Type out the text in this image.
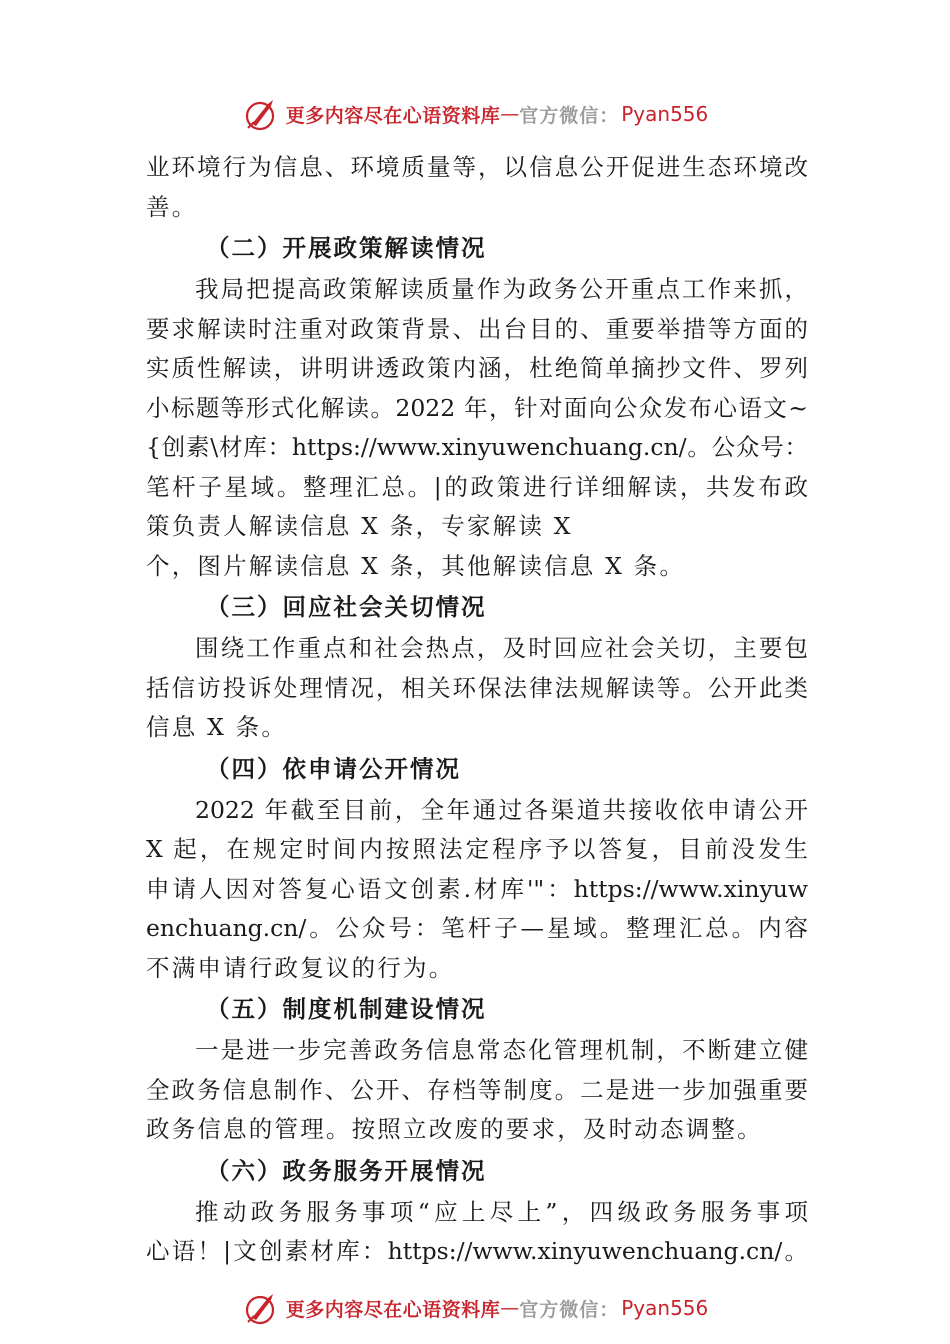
更多内容尽在心语资料库 — 官方微信： Pyan556
业环境行为信息、环境质量等，以信息公开促进生态环境改
善。
（二）开展政策解读情况
我局把提高政策解读质量作为政务公开重点工作来抓，
要求解读时注重对政策背景、出台目的、重要举措等方面的
实质性解读，讲明讲透政策内涵，杜绝简单摘抄文件、罗列
小标题等形式化解读。2022 年，针对面向公众发布心语文~
{创素\材库：https://www.xinyuwenchuang.cn/。公众号：
笔杆子星域。整理汇总。|的政策进行详细解读，共发布政
策负责人解读信息 X 条，专家解读 X
个，图片解读信息 X 条，其他解读信息 X 条。
（三）回应社会关切情况
围绕工作重点和社会热点，及时回应社会关切，主要包
括信访投诉处理情况，相关环保法律法规解读等。公开此类
信息 X 条。
（四）依申请公开情况
2022 年截至目前，全年通过各渠道共接收依申请公开
X 起，在规定时间内按照法定程序予以答复，目前没发生
申请人因对答复心语文创素.材库'"：https://www.xinyuw
enchuang.cn/。公众号：笔杆子—星域。整理汇总。内容
不满申请行政复议的行为。
（五）制度机制建设情况
一是进一步完善政务信息常态化管理机制，不断建立健
全政务信息制作、公开、存档等制度。二是进一步加强重要
政务信息的管理。按照立改废的要求，及时动态调整。
（六）政务服务开展情况
推动政务服务事项“应上尽上”，四级政务服务事项
心语！|文创素材库：https://www.xinyuwenchuang.cn/。
更多内容尽在心语资料库 — 官方微信： Pyan556
